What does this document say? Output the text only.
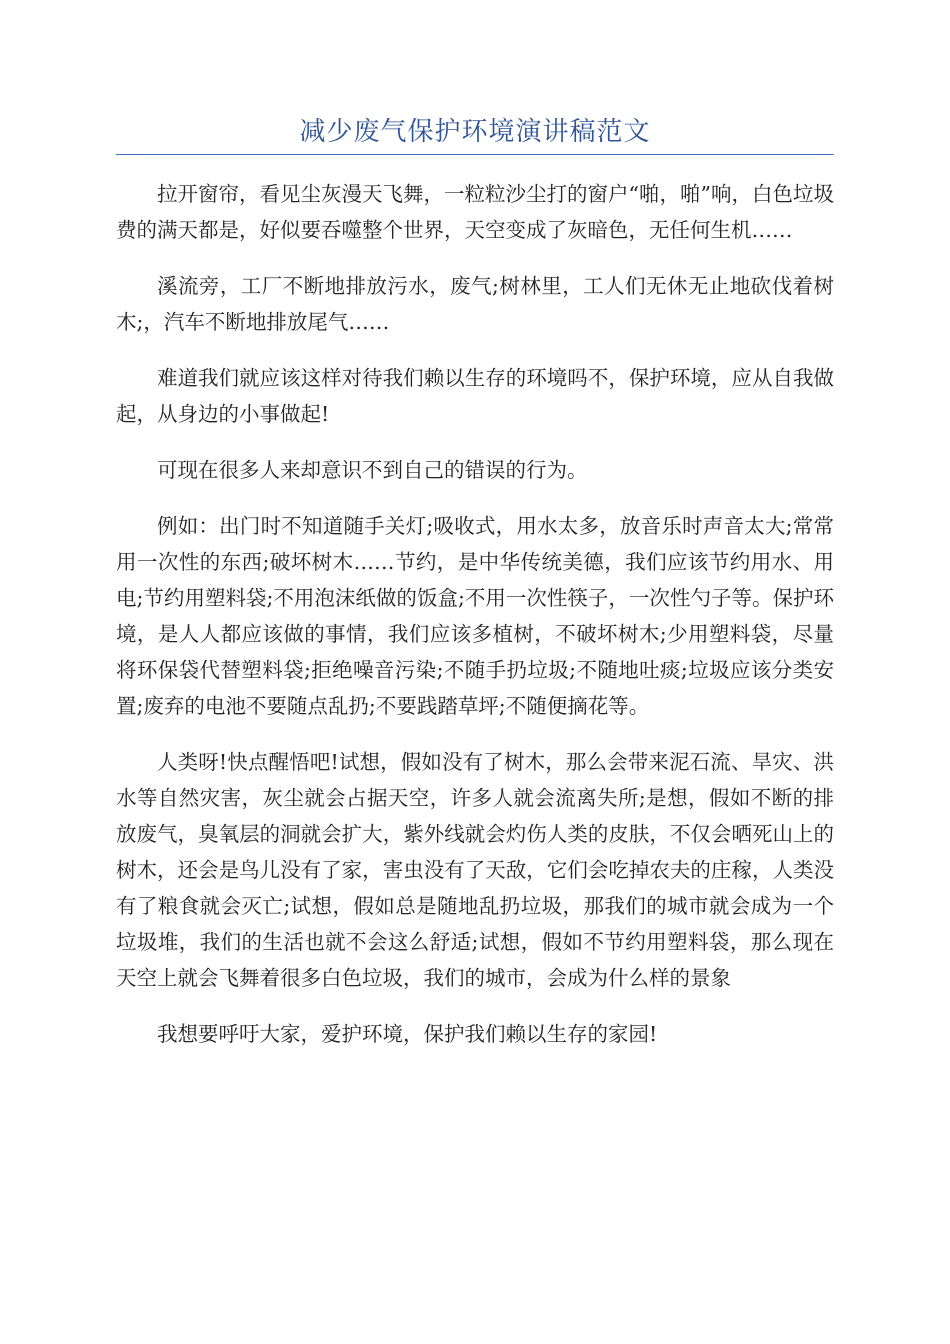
减少废气保护环境演讲稿范文

拉开窗帘，看见尘灰漫天飞舞，一粒粒沙尘打的窗户“啪，啪”响，白色垃圾费的满天都是，好似要吞噬整个世界，天空变成了灰暗色，无任何生机……

溪流旁，工厂不断地排放污水，废气;树林里，工人们无休无止地砍伐着树木;，汽车不断地排放尾气……

难道我们就应该这样对待我们赖以生存的环境吗不，保护环境，应从自我做起，从身边的小事做起!

可现在很多人来却意识不到自己的错误的行为。

例如：出门时不知道随手关灯;吸收式，用水太多，放音乐时声音太大;常常用一次性的东西;破坏树木……节约，是中华传统美德，我们应该节约用水、用电;节约用塑料袋;不用泡沫纸做的饭盒;不用一次性筷子，一次性勺子等。保护环境，是人人都应该做的事情，我们应该多植树，不破坏树木;少用塑料袋，尽量将环保袋代替塑料袋;拒绝噪音污染;不随手扔垃圾;不随地吐痰;垃圾应该分类安置;废弃的电池不要随点乱扔;不要践踏草坪;不随便摘花等。

人类呀!快点醒悟吧!试想，假如没有了树木，那么会带来泥石流、旱灾、洪水等自然灾害，灰尘就会占据天空，许多人就会流离失所;是想，假如不断的排放废气，臭氧层的洞就会扩大，紫外线就会灼伤人类的皮肤，不仅会晒死山上的树木，还会是鸟儿没有了家，害虫没有了天敌，它们会吃掉农夫的庄稼，人类没有了粮食就会灭亡;试想，假如总是随地乱扔垃圾，那我们的城市就会成为一个垃圾堆，我们的生活也就不会这么舒适;试想，假如不节约用塑料袋，那么现在天空上就会飞舞着很多白色垃圾，我们的城市，会成为什么样的景象

我想要呼吁大家，爱护环境，保护我们赖以生存的家园!
